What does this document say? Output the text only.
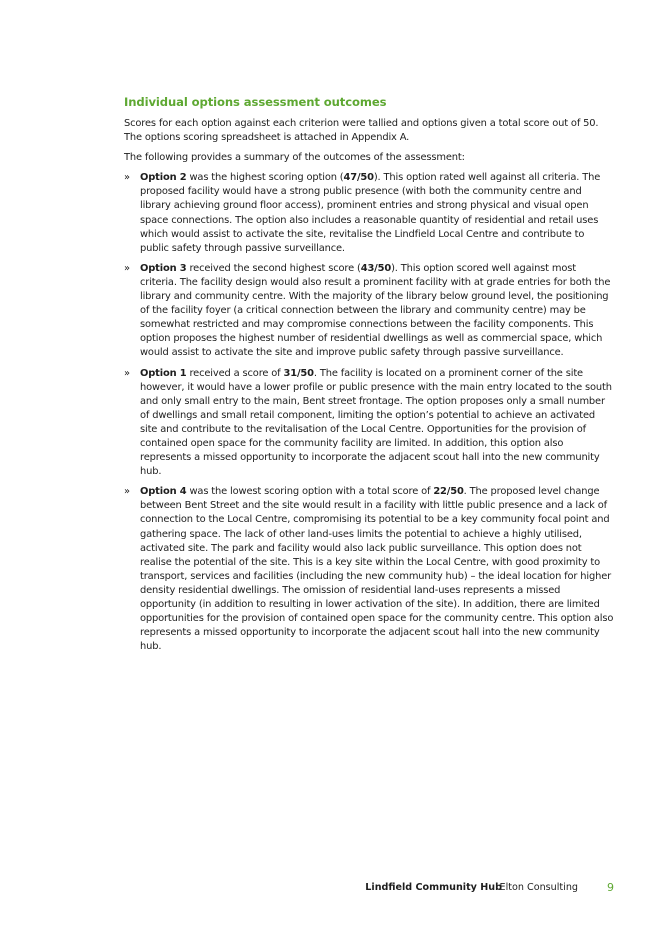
Individual options assessment outcomes

Scores for each option against each criterion were tallied and options given a total score out of 50. The options scoring spreadsheet is attached in Appendix A.

The following provides a summary of the outcomes of the assessment:

» Option 2 was the highest scoring option (47/50). This option rated well against all criteria. The proposed facility would have a strong public presence (with both the community centre and library achieving ground floor access), prominent entries and strong physical and visual open space connections. The option also includes a reasonable quantity of residential and retail uses which would assist to activate the site, revitalise the Lindfield Local Centre and contribute to public safety through passive surveillance.
» Option 3 received the second highest score (43/50). This option scored well against most criteria. The facility design would also result a prominent facility with at grade entries for both the library and community centre. With the majority of the library below ground level, the positioning of the facility foyer (a critical connection between the library and community centre) may be somewhat restricted and may compromise connections between the facility components. This option proposes the highest number of residential dwellings as well as commercial space, which would assist to activate the site and improve public safety through passive surveillance.
» Option 1 received a score of 31/50. The facility is located on a prominent corner of the site however, it would have a lower profile or public presence with the main entry located to the south and only small entry to the main, Bent street frontage. The option proposes only a small number of dwellings and small retail component, limiting the option’s potential to achieve an activated site and contribute to the revitalisation of the Local Centre. Opportunities for the provision of contained open space for the community facility are limited. In addition, this option also represents a missed opportunity to incorporate the adjacent scout hall into the new community hub.
» Option 4 was the lowest scoring option with a total score of 22/50. The proposed level change between Bent Street and the site would result in a facility with little public presence and a lack of connection to the Local Centre, compromising its potential to be a key community focal point and gathering space. The lack of other land-uses limits the potential to achieve a highly utilised, activated site. The park and facility would also lack public surveillance. This option does not realise the potential of the site. This is a key site within the Local Centre, with good proximity to transport, services and facilities (including the new community hub) – the ideal location for higher density residential dwellings. The omission of residential land-uses represents a missed opportunity (in addition to resulting in lower activation of the site). In addition, there are limited opportunities for the provision of contained open space for the community centre. This option also represents a missed opportunity to incorporate the adjacent scout hall into the new community hub.
Lindfield Community Hub
Elton Consulting	9
